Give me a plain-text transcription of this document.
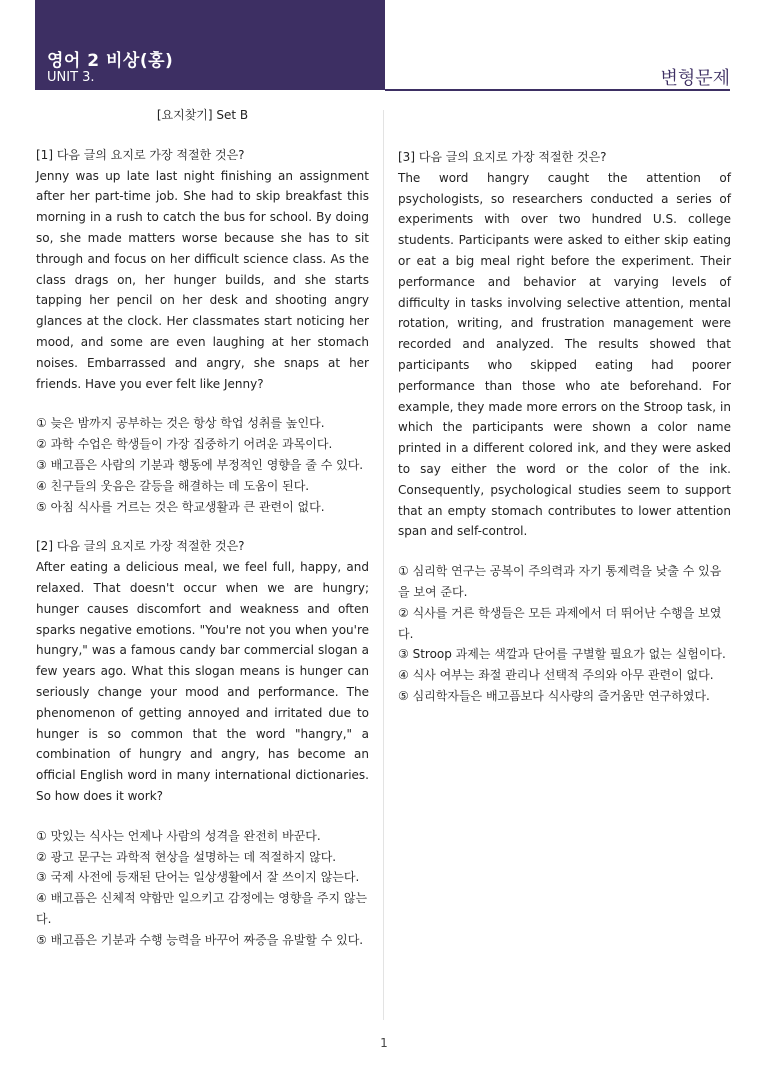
영어 2 비상(홍)
UNIT 3.	변형문제

[요지찾기] Set B

[1] 다음 글의 요지로 가장 적절한 것은?

Jenny was up late last night finishing an assignment after her part-time job. She had to skip breakfast this morning in a rush to catch the bus for school. By doing so, she made matters worse because she has to sit through and focus on her difficult science class. As the class drags on, her hunger builds, and she starts tapping her pencil on her desk and shooting angry glances at the clock. Her classmates start noticing her mood, and some are even laughing at her stomach noises. Embarrassed and angry, she snaps at her friends. Have you ever felt like Jenny?

① 늦은 밤까지 공부하는 것은 항상 학업 성취를 높인다.
② 과학 수업은 학생들이 가장 집중하기 어려운 과목이다.
③ 배고픔은 사람의 기분과 행동에 부정적인 영향을 줄 수 있다.
④ 친구들의 웃음은 갈등을 해결하는 데 도움이 된다.
⑤ 아침 식사를 거르는 것은 학교생활과 큰 관련이 없다.

[2] 다음 글의 요지로 가장 적절한 것은?

After eating a delicious meal, we feel full, happy, and relaxed. That doesn't occur when we are hungry; hunger causes discomfort and weakness and often sparks negative emotions. "You're not you when you're hungry," was a famous candy bar commercial slogan a few years ago. What this slogan means is hunger can seriously change your mood and performance. The phenomenon of getting annoyed and irritated due to hunger is so common that the word "hangry," a combination of hungry and angry, has become an official English word in many international dictionaries. So how does it work?

① 맛있는 식사는 언제나 사람의 성격을 완전히 바꾼다.
② 광고 문구는 과학적 현상을 설명하는 데 적절하지 않다.
③ 국제 사전에 등재된 단어는 일상생활에서 잘 쓰이지 않는다.
④ 배고픔은 신체적 약함만 일으키고 감정에는 영향을 주지 않는다.
⑤ 배고픔은 기분과 수행 능력을 바꾸어 짜증을 유발할 수 있다.

[3] 다음 글의 요지로 가장 적절한 것은?

The word hangry caught the attention of psychologists, so researchers conducted a series of experiments with over two hundred U.S. college students. Participants were asked to either skip eating or eat a big meal right before the experiment. Their performance and behavior at varying levels of difficulty in tasks involving selective attention, mental rotation, writing, and frustration management were recorded and analyzed. The results showed that participants who skipped eating had poorer performance than those who ate beforehand. For example, they made more errors on the Stroop task, in which the participants were shown a color name printed in a different colored ink, and they were asked to say either the word or the color of the ink. Consequently, psychological studies seem to support that an empty stomach contributes to lower attention span and self-control.

① 심리학 연구는 공복이 주의력과 자기 통제력을 낮출 수 있음을 보여 준다.
② 식사를 거른 학생들은 모든 과제에서 더 뛰어난 수행을 보였다.
③ Stroop 과제는 색깔과 단어를 구별할 필요가 없는 실험이다.
④ 식사 여부는 좌절 관리나 선택적 주의와 아무 관련이 없다.
⑤ 심리학자들은 배고픔보다 식사량의 즐거움만 연구하였다.
1
